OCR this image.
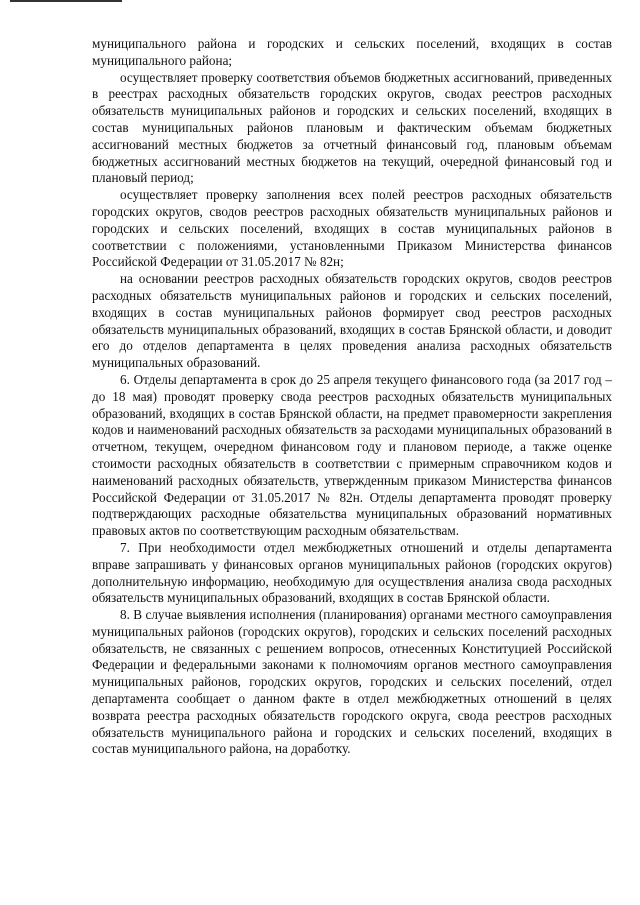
муниципального района и городских и сельских поселений, входящих в состав муниципального района;

осуществляет проверку соответствия объемов бюджетных ассигнований, приведенных в реестрах расходных обязательств городских округов, сводах реестров расходных обязательств муниципальных районов и городских и сельских поселений, входящих в состав муниципальных районов плановым и фактическим объемам бюджетных ассигнований местных бюджетов за отчетный финансовый год, плановым объемам бюджетных ассигнований местных бюджетов на текущий, очередной финансовый год и плановый период;

осуществляет проверку заполнения всех полей реестров расходных обязательств городских округов, сводов реестров расходных обязательств муниципальных районов и городских и сельских поселений, входящих в состав муниципальных районов в соответствии с положениями, установленными Приказом Министерства финансов Российской Федерации от 31.05.2017 № 82н;

на основании реестров расходных обязательств городских округов, сводов реестров расходных обязательств муниципальных районов и городских и сельских поселений, входящих в состав муниципальных районов формирует свод реестров расходных обязательств муниципальных образований, входящих в состав Брянской области, и доводит его до отделов департамента в целях проведения анализа расходных обязательств муниципальных образований.

6. Отделы департамента в срок до 25 апреля текущего финансового года (за 2017 год – до 18 мая) проводят проверку свода реестров расходных обязательств муниципальных образований, входящих в состав Брянской области, на предмет правомерности закрепления кодов и наименований расходных обязательств за расходами муниципальных образований в отчетном, текущем, очередном финансовом году и плановом периоде, а также оценке стоимости расходных обязательств в соответствии с примерным справочником кодов и наименований расходных обязательств, утвержденным приказом Министерства финансов Российской Федерации от 31.05.2017 № 82н. Отделы департамента проводят проверку подтверждающих расходные обязательства муниципальных образований нормативных правовых актов по соответствующим расходным обязательствам.

7. При необходимости отдел межбюджетных отношений и отделы департамента вправе запрашивать у финансовых органов муниципальных районов (городских округов) дополнительную информацию, необходимую для осуществления анализа свода расходных обязательств муниципальных образований, входящих в состав Брянской области.

8. В случае выявления исполнения (планирования) органами местного самоуправления муниципальных районов (городских округов), городских и сельских поселений расходных обязательств, не связанных с решением вопросов, отнесенных Конституцией Российской Федерации и федеральными законами к полномочиям органов местного самоуправления муниципальных районов, городских округов, городских и сельских поселений, отдел департамента сообщает о данном факте в отдел межбюджетных отношений в целях возврата реестра расходных обязательств городского округа, свода реестров расходных обязательств муниципального района и городских и сельских поселений, входящих в состав муниципального района, на доработку.
